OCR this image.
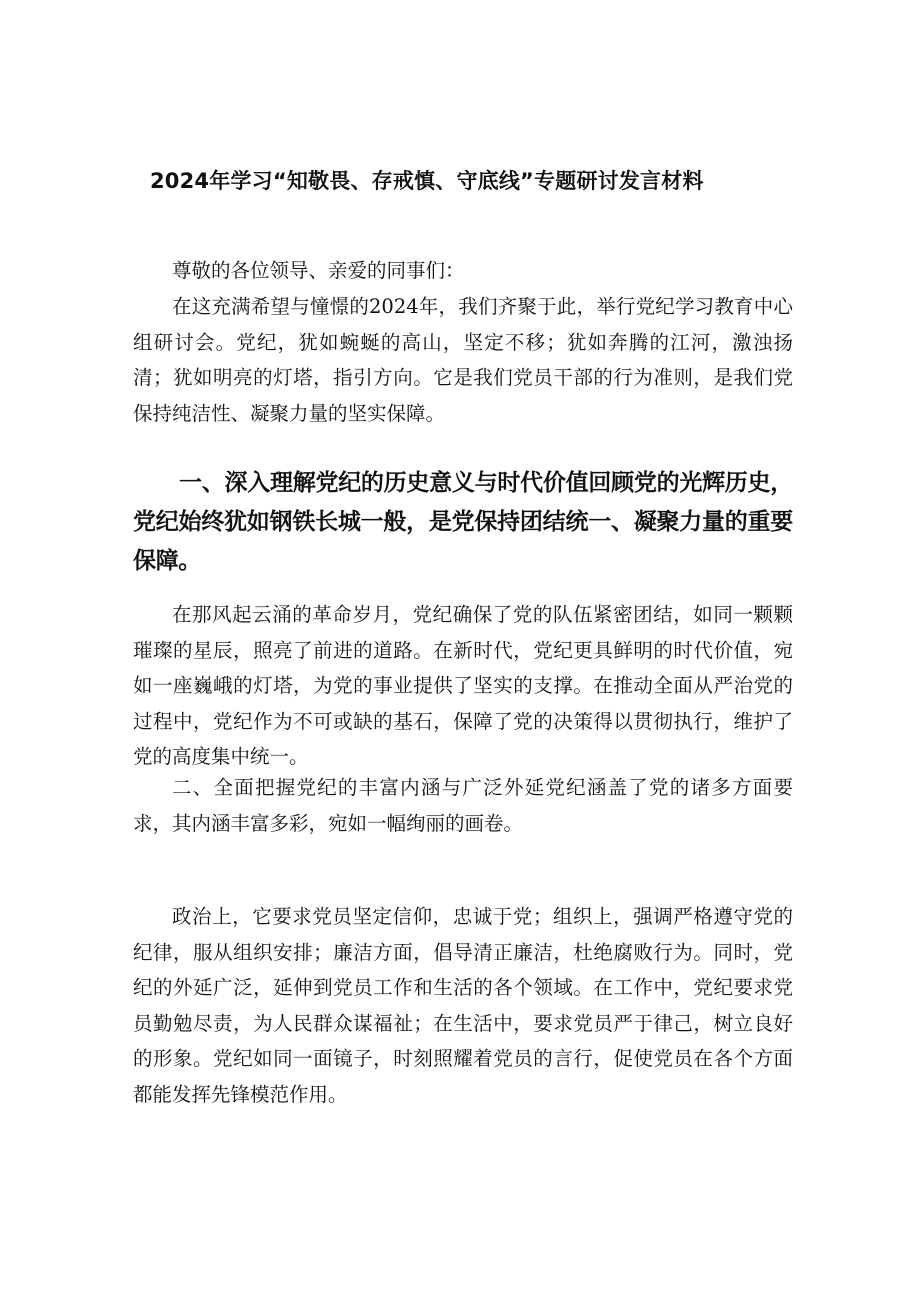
2024年学习“知敬畏、存戒慎、守底线”专题研讨发言材料
尊敬的各位领导、亲爱的同事们：
在这充满希望与憧憬的2024年，我们齐聚于此，举行党纪学习教育中心组研讨会。党纪，犹如蜿蜒的高山，坚定不移；犹如奔腾的江河，激浊扬清；犹如明亮的灯塔，指引方向。它是我们党员干部的行为准则，是我们党保持纯洁性、凝聚力量的坚实保障。
一、深入理解党纪的历史意义与时代价值回顾党的光辉历史，党纪始终犹如钢铁长城一般，是党保持团结统一、凝聚力量的重要保障。
在那风起云涌的革命岁月，党纪确保了党的队伍紧密团结，如同一颗颗璀璨的星辰，照亮了前进的道路。在新时代，党纪更具鲜明的时代价值，宛如一座巍峨的灯塔，为党的事业提供了坚实的支撑。在推动全面从严治党的过程中，党纪作为不可或缺的基石，保障了党的决策得以贯彻执行，维护了党的高度集中统一。
二、全面把握党纪的丰富内涵与广泛外延党纪涵盖了党的诸多方面要求，其内涵丰富多彩，宛如一幅绚丽的画卷。
政治上，它要求党员坚定信仰，忠诚于党；组织上，强调严格遵守党的纪律，服从组织安排；廉洁方面，倡导清正廉洁，杜绝腐败行为。同时，党纪的外延广泛，延伸到党员工作和生活的各个领域。在工作中，党纪要求党员勤勉尽责，为人民群众谋福祉；在生活中，要求党员严于律己，树立良好的形象。党纪如同一面镜子，时刻照耀着党员的言行，促使党员在各个方面都能发挥先锋模范作用。
